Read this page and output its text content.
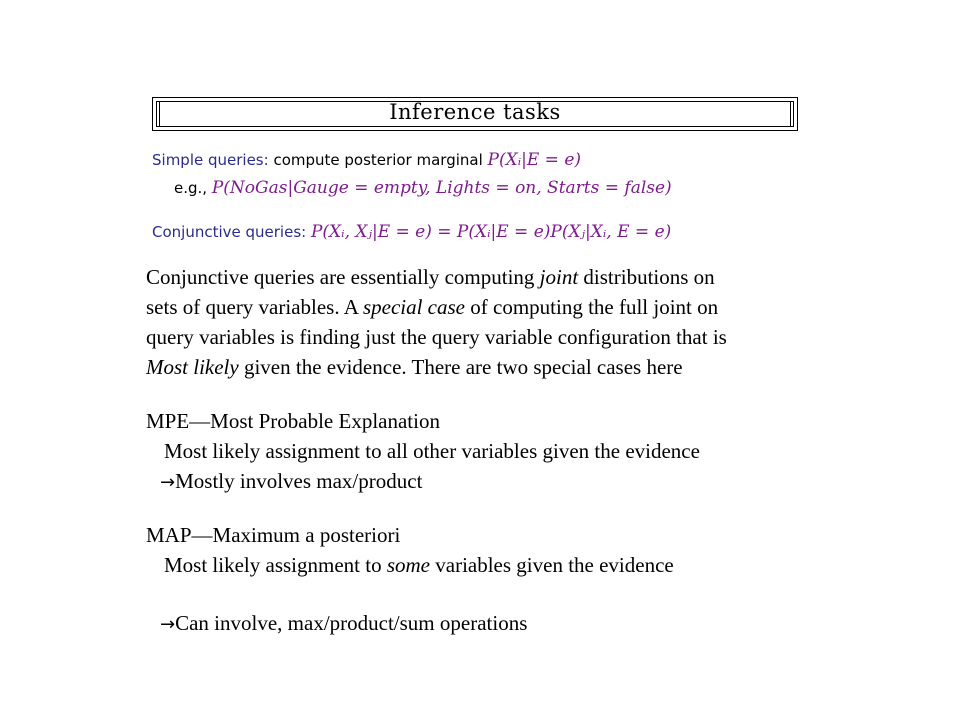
Inference tasks
Simple queries: compute posterior marginal P(Xᵢ|E = e)
e.g., P(NoGas|Gauge = empty, Lights = on, Starts = false)
Conjunctive queries: P(Xᵢ, Xⱼ|E = e) = P(Xᵢ|E = e)P(Xⱼ|Xᵢ, E = e)
Conjunctive queries are essentially computing joint distributions on
sets of query variables. A special case of computing the full joint on
query variables is finding just the query variable configuration that is
Most likely given the evidence. There are two special cases here
MPE—Most Probable Explanation
Most likely assignment to all other variables given the evidence
→Mostly involves max/product
MAP—Maximum a posteriori
Most likely assignment to some variables given the evidence
→Can involve, max/product/sum operations
